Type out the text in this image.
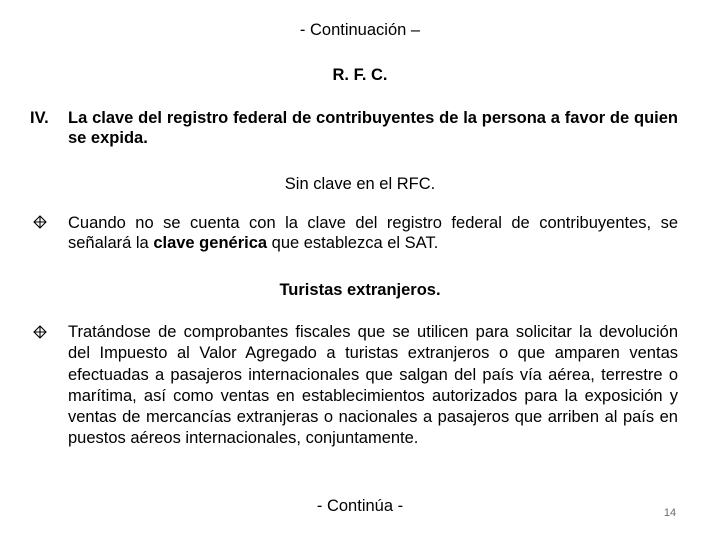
- Continuación –
R. F. C.
IV. La clave del registro federal de contribuyentes de la persona a favor de quien se expida.
Sin clave en el RFC.
Cuando no se cuenta con la clave del registro federal de contribuyentes, se señalará la clave genérica que establezca el SAT.
Turistas extranjeros.
Tratándose de comprobantes fiscales que se utilicen para solicitar la devolución del Impuesto al Valor Agregado a turistas extranjeros o que amparen ventas efectuadas a pasajeros internacionales que salgan del país vía aérea, terrestre o marítima, así como ventas en establecimientos autorizados para la exposición y ventas de mercancías extranjeras o nacionales a pasajeros que arriben al país en puestos aéreos internacionales, conjuntamente.
- Continúa -	14
